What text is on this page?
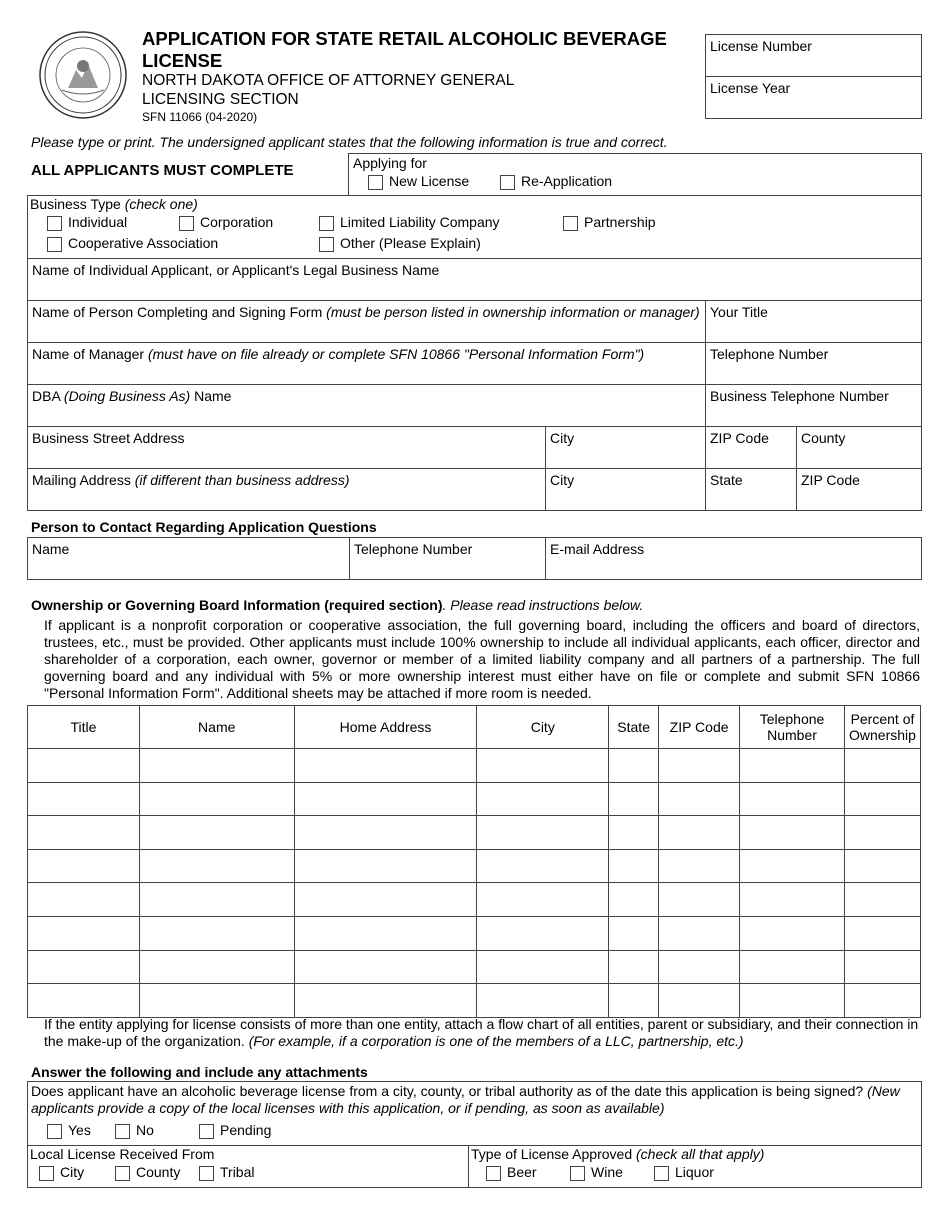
APPLICATION FOR STATE RETAIL ALCOHOLIC BEVERAGE
LICENSE
NORTH DAKOTA OFFICE OF ATTORNEY GENERAL
LICENSING SECTION
SFN 11066 (04-2020)
License Number
License Year
Please type or print. The undersigned applicant states that the following information is true and correct.
ALL APPLICANTS MUST COMPLETE	Applying for
New License	Re-Application
Business Type (check one)
Individual	Corporation	Limited Liability Company	Partnership
Cooperative Association	Other (Please Explain)
Name of Individual Applicant, or Applicant's Legal Business Name
Name of Person Completing and Signing Form (must be person listed in ownership information or manager) Your Title
Name of Manager (must have on file already or complete SFN 10866 "Personal Information Form")	Telephone Number
DBA (Doing Business As) Name	Business Telephone Number
Business Street Address	City	ZIP Code County
Mailing Address (if different than business address)	City	State	ZIP Code
Person to Contact Regarding Application Questions
Name	Telephone Number	E-mail Address
Ownership or Governing Board Information (required section). Please read instructions below.
If applicant is a nonprofit corporation or cooperative association, the full governing board, including the officers and board of directors, trustees, etc., must be provided. Other applicants must include 100% ownership to include all individual applicants, each officer, director and shareholder of a corporation, each owner, governor or member of a limited liability company and all partners of a partnership. The full governing board and any individual with 5% or more ownership interest must either have on file or complete and submit SFN 10866 "Personal Information Form". Additional sheets may be attached if more room is needed.
Title	Name	Home Address	City	State	ZIP Code	Telephone Number	Percent of Ownership

If the entity applying for license consists of more than one entity, attach a flow chart of all entities, parent or subsidiary, and their connection in the make-up of the organization. (For example, if a corporation is one of the members of a LLC, partnership, etc.)
Answer the following and include any attachments
Does applicant have an alcoholic beverage license from a city, county, or tribal authority as of the date this application is being signed? (New applicants provide a copy of the local licenses with this application, or if pending, as soon as available)
Yes	No	Pending
Local License Received From
City	County	Tribal
Type of License Approved (check all that apply)
Beer	Wine	Liquor
